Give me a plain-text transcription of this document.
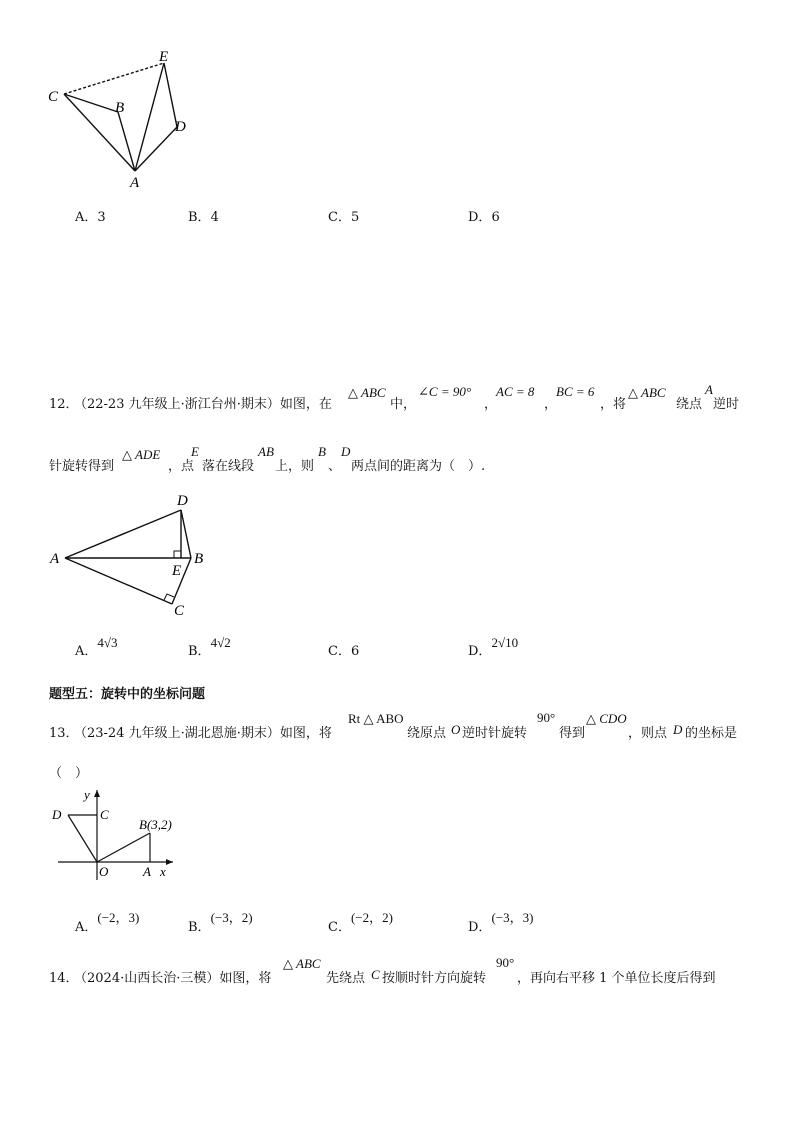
C
B
E
D
A
A．3	B．4	C．5	D．6
12．
（22-23 九年级上·浙江台州·期末）如图，在
△ ABC
中，
∠C = 90°
，
AC = 8
，
BC = 6
，将
△ ABC
绕点
A
逆时
针旋转得到
△ ADE
，点
E
落在线段
AB
上，则
B
、
D
两点间的距离为（　）.
D
A	B
E
C
A．4√3
B．4√2
C．6	D．2√10
题型五：旋转中的坐标问题
13．
（23-24 九年级上·湖北恩施·期末）如图，将
Rt △ ABO
绕原点 O 逆时针旋转
90°
得到
△ CDO
，则点 D 的坐标是
（　）
y
D	C
B(3,2)
O	A x
A．(−2，3)
B．(−3，2)
C．(−2，2)
D．(−3，3)
14．
（2024·山西长治·三模）如图，将
△ ABC
先绕点 C 按顺时针方向旋转
90°
，再向右平移 1 个单位长度后得到
